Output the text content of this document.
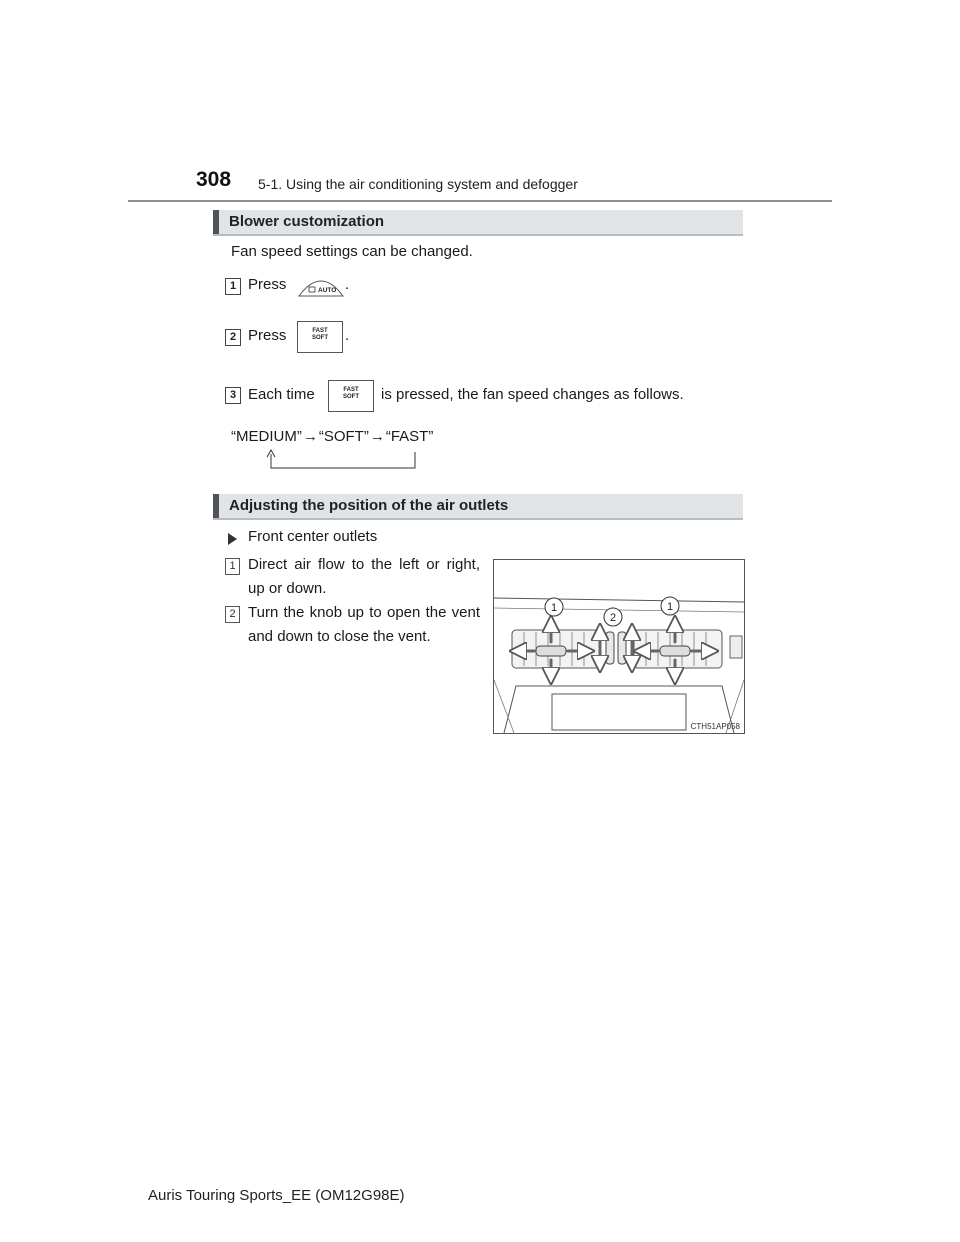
308 5-1. Using the air conditioning system and defogger
Blower customization
Fan speed settings can be changed.
1 Press	AUTO .
2 Press	FAST
SOFT	.
3 Each time	FAST
SOFT	is pressed, the fan speed changes as follows.
“MEDIUM”→“SOFT”→“FAST”
Adjusting the position of the air outlets
Front center outlets
1 Direct air flow to the left or right, up or down.
2 Turn the knob up to open the vent and down to close the vent.
1
2
1
CTH51AP058
Auris Touring Sports_EE (OM12G98E)
